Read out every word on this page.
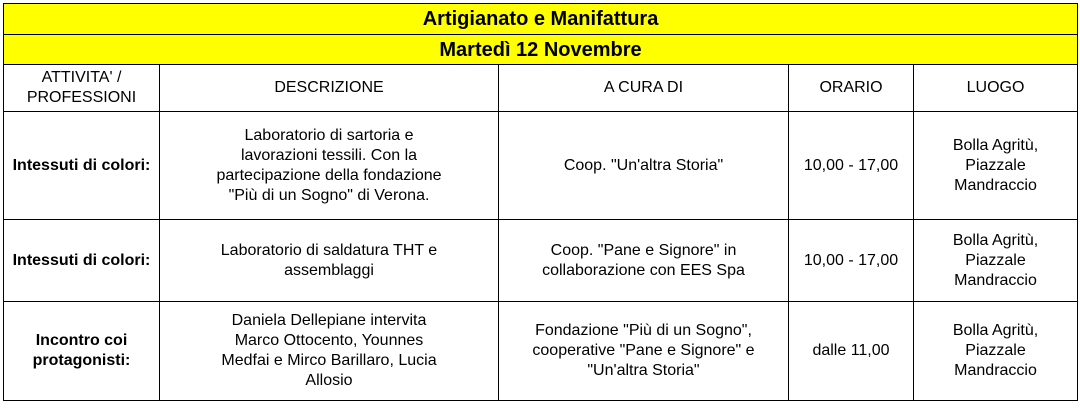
Artigianato e Manifattura				
Martedì 12 Novembre				

ATTIVITA' /
PROFESSIONI	DESCRIZIONE	A CURA DI	ORARIO	LUOGO

Intessuti di colori:	Laboratorio di sartoria e
lavorazioni tessili. Con la
partecipazione della fondazione
"Più di un Sogno" di Verona.	Coop. "Un'altra Storia"	10,00 - 17,00	Bolla Agritù,
Piazzale
Mandraccio

Intessuti di colori:	Laboratorio di saldatura THT e
assemblaggi	Coop. "Pane e Signore" in
collaborazione con EES Spa	10,00 - 17,00	Bolla Agritù,
Piazzale
Mandraccio

Incontro coi
protagonisti:	Daniela Dellepiane intervita
Marco Ottocento, Younnes
Medfai e Mirco Barillaro, Lucia
Allosio	Fondazione "Più di un Sogno",
cooperative "Pane e Signore" e
"Un'altra Storia"	dalle 11,00	Bolla Agritù,
Piazzale
Mandraccio
